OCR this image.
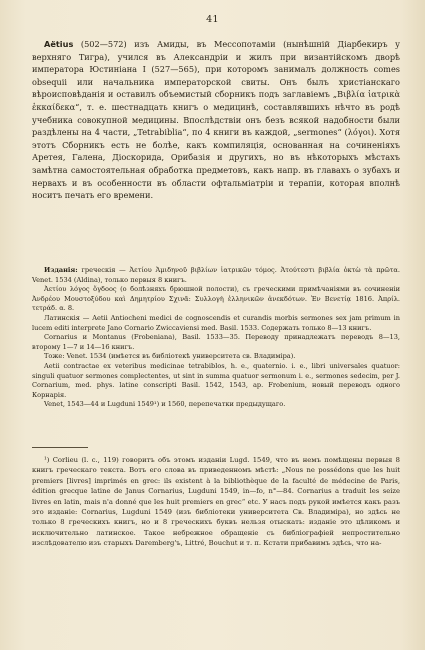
41

Aëtius (502—572) изъ Амиды, въ Мессопотаміи (нынѣшній Діарбекиръ у верхняго Тигра), учился въ Александріи и жилъ при византійскомъ дворѣ императора Юстиніана I (527—565), при которомъ занималъ должность comes obsequii или начальника императорской свиты. Онъ былъ христіанскаго вѣроисповѣданія и оставилъ объемистый сборникъ подъ заглавіемъ „Βιβλία ἰατρικὰ ἑκκαίδεκα“, т. е. шестнадцать книгъ о медицинѣ, составлявшихъ нѣчто въ родѣ учебника совокупной медицины. Впослѣдствіи онъ безъ всякой надобности были раздѣлены на 4 части, „Tetrabiblia“, по 4 книги въ каждой, „sermones“ (λόγοι). Хотя этотъ Сборникъ есть не болѣе, какъ компиляція, основанная на сочиненіяхъ Аретея, Галена, Діоскорида, Орибазія и другихъ, но въ нѣкоторыхъ мѣстахъ замѣтна самостоятельная обработка предметовъ, какъ напр. въ главахъ о зубахъ и нервахъ и въ особенности въ области офтальміатріи и терапіи, которая вполнѣ носитъ печать его времени.

Изданія: греческія — Ἀετίου Ἀμιδηνοῦ βιβλίων ἰατρικῶν τόμος. Ἀτούτεστι βιβλία ὀκτὼ τὰ πρῶτα. Venet. 1534 (Aldina), только первыя 8 книгъ.

Ἀετίου λόγος ὄγδοος (о болѣзняхъ брюшной полости), съ греческими примѣчаніями въ сочиненіи Ἀνδρέου Μουστοξύδου καὶ Δημητρίου Σχινᾶ: Συλλογὴ ἑλληνικῶν ἀνεκδότων. Ἐν Βενετίᾳ 1816. Ἀπρίλ. τετράδ. α. 8.

Латинскія — Aetii Antiocheni medici de cognoscendis et curandis morbis sermones sex jam primum in lucem editi interprete Jano Cornario Zwiccaviensi med. Basil. 1533. Содержать только 8—13 книгъ.

Cornarius и Montanus (Frobeniana), Basil. 1533—35. Переводу принадлежатъ переводъ 8—13, второму 1—7 и 14—16 книгъ.

Тоже: Venet. 1534 (имѣется въ библіотекѣ университета св. Владиміра).

Aetii contractae ex veteribus medicinae tetrabiblos, h. e., quaternio. i. e., libri universales quatuor: singuli quatuor sermones complectentes, ut sint in summa quatuor sermonum i. e., sermones sedecim, per J. Cornarium, med. phys. latine conscripti Basil. 1542, 1543, ap. Frobenium, новый переводъ одного Корнарія.

Venet, 1543—44 и Lugduni 1549¹) и 1560, перепечатки предыдущаго.

¹) Corlieu (l. c., 119) говоритъ объ этомъ изданіи Lugd. 1549, что въ немъ помѣщены первыя 8 книгъ греческаго текста. Вотъ его слова въ приведенномъ мѣстѣ: „Nous ne possédons que les huit premiers [livres] imprimés en grec: ils existent à la bibliothèque de la faculté de médecine de Paris, édition grecque latine de Janus Cornarius, Lugduni 1549, in—fo, n°—84. Cornarius a traduit les seize livres en latin, mais n'a donné que les huit premiers en grec“ etc. У насъ подъ рукой имѣется какъ разъ это изданіе: Cornarius, Lugduni 1549 (изъ библіотеки университета Св. Владиміра), но здѣсь не только 8 греческихъ книгъ, но и 8 греческихъ буквъ нельзя отыскать: изданіе это цѣликомъ и исключительно латинское. Такое небрежное обращеніе съ библіографіей непростительно изслѣдователю изъ старыхъ Daremberg'ъ, Littré, Bouchut и т. п. Кстати прибавимъ здѣсь, что на-
